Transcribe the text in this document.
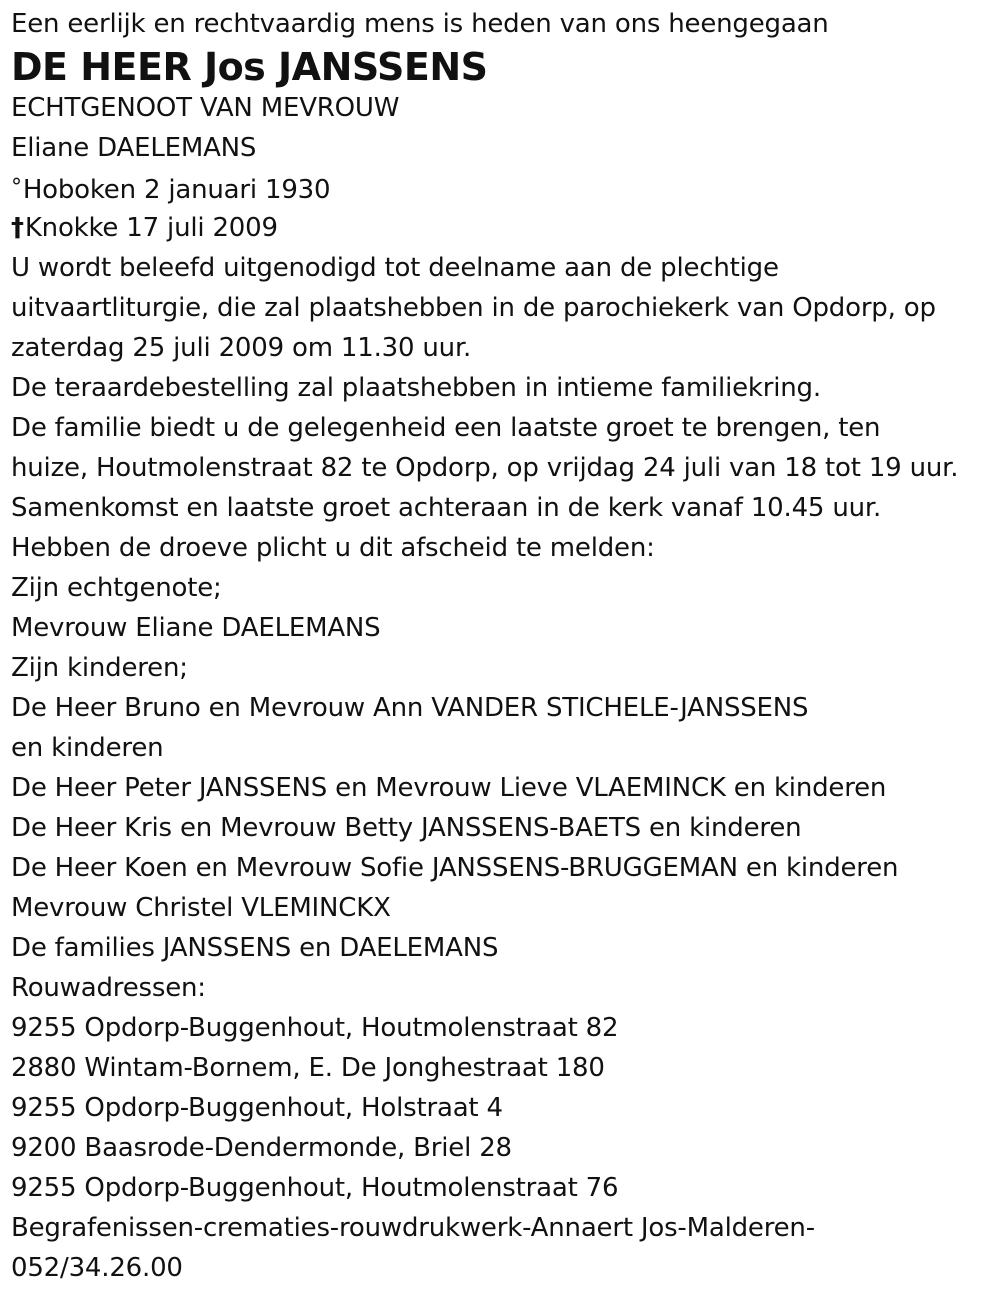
Een eerlijk en rechtvaardig mens is heden van ons heengegaan
DE HEER Jos JANSSENS
ECHTGENOOT VAN MEVROUW
Eliane DAELEMANS
°Hoboken 2 januari 1930
†Knokke 17 juli 2009
U wordt beleefd uitgenodigd tot deelname aan de plechtige
uitvaartliturgie, die zal plaatshebben in de parochiekerk van Opdorp, op
zaterdag 25 juli 2009 om 11.30 uur.
De teraardebestelling zal plaatshebben in intieme familiekring.
De familie biedt u de gelegenheid een laatste groet te brengen, ten
huize, Houtmolenstraat 82 te Opdorp, op vrijdag 24 juli van 18 tot 19 uur.
Samenkomst en laatste groet achteraan in de kerk vanaf 10.45 uur.
Hebben de droeve plicht u dit afscheid te melden:
Zijn echtgenote;
Mevrouw Eliane DAELEMANS
Zijn kinderen;
De Heer Bruno en Mevrouw Ann VANDER STICHELE-JANSSENS
en kinderen
De Heer Peter JANSSENS en Mevrouw Lieve VLAEMINCK en kinderen
De Heer Kris en Mevrouw Betty JANSSENS-BAETS en kinderen
De Heer Koen en Mevrouw Sofie JANSSENS-BRUGGEMAN en kinderen
Mevrouw Christel VLEMINCKX
De families JANSSENS en DAELEMANS
Rouwadressen:
9255 Opdorp-Buggenhout, Houtmolenstraat 82
2880 Wintam-Bornem, E. De Jonghestraat 180
9255 Opdorp-Buggenhout, Holstraat 4
9200 Baasrode-Dendermonde, Briel 28
9255 Opdorp-Buggenhout, Houtmolenstraat 76
Begrafenissen-crematies-rouwdrukwerk-Annaert Jos-Malderen-
052/34.26.00
